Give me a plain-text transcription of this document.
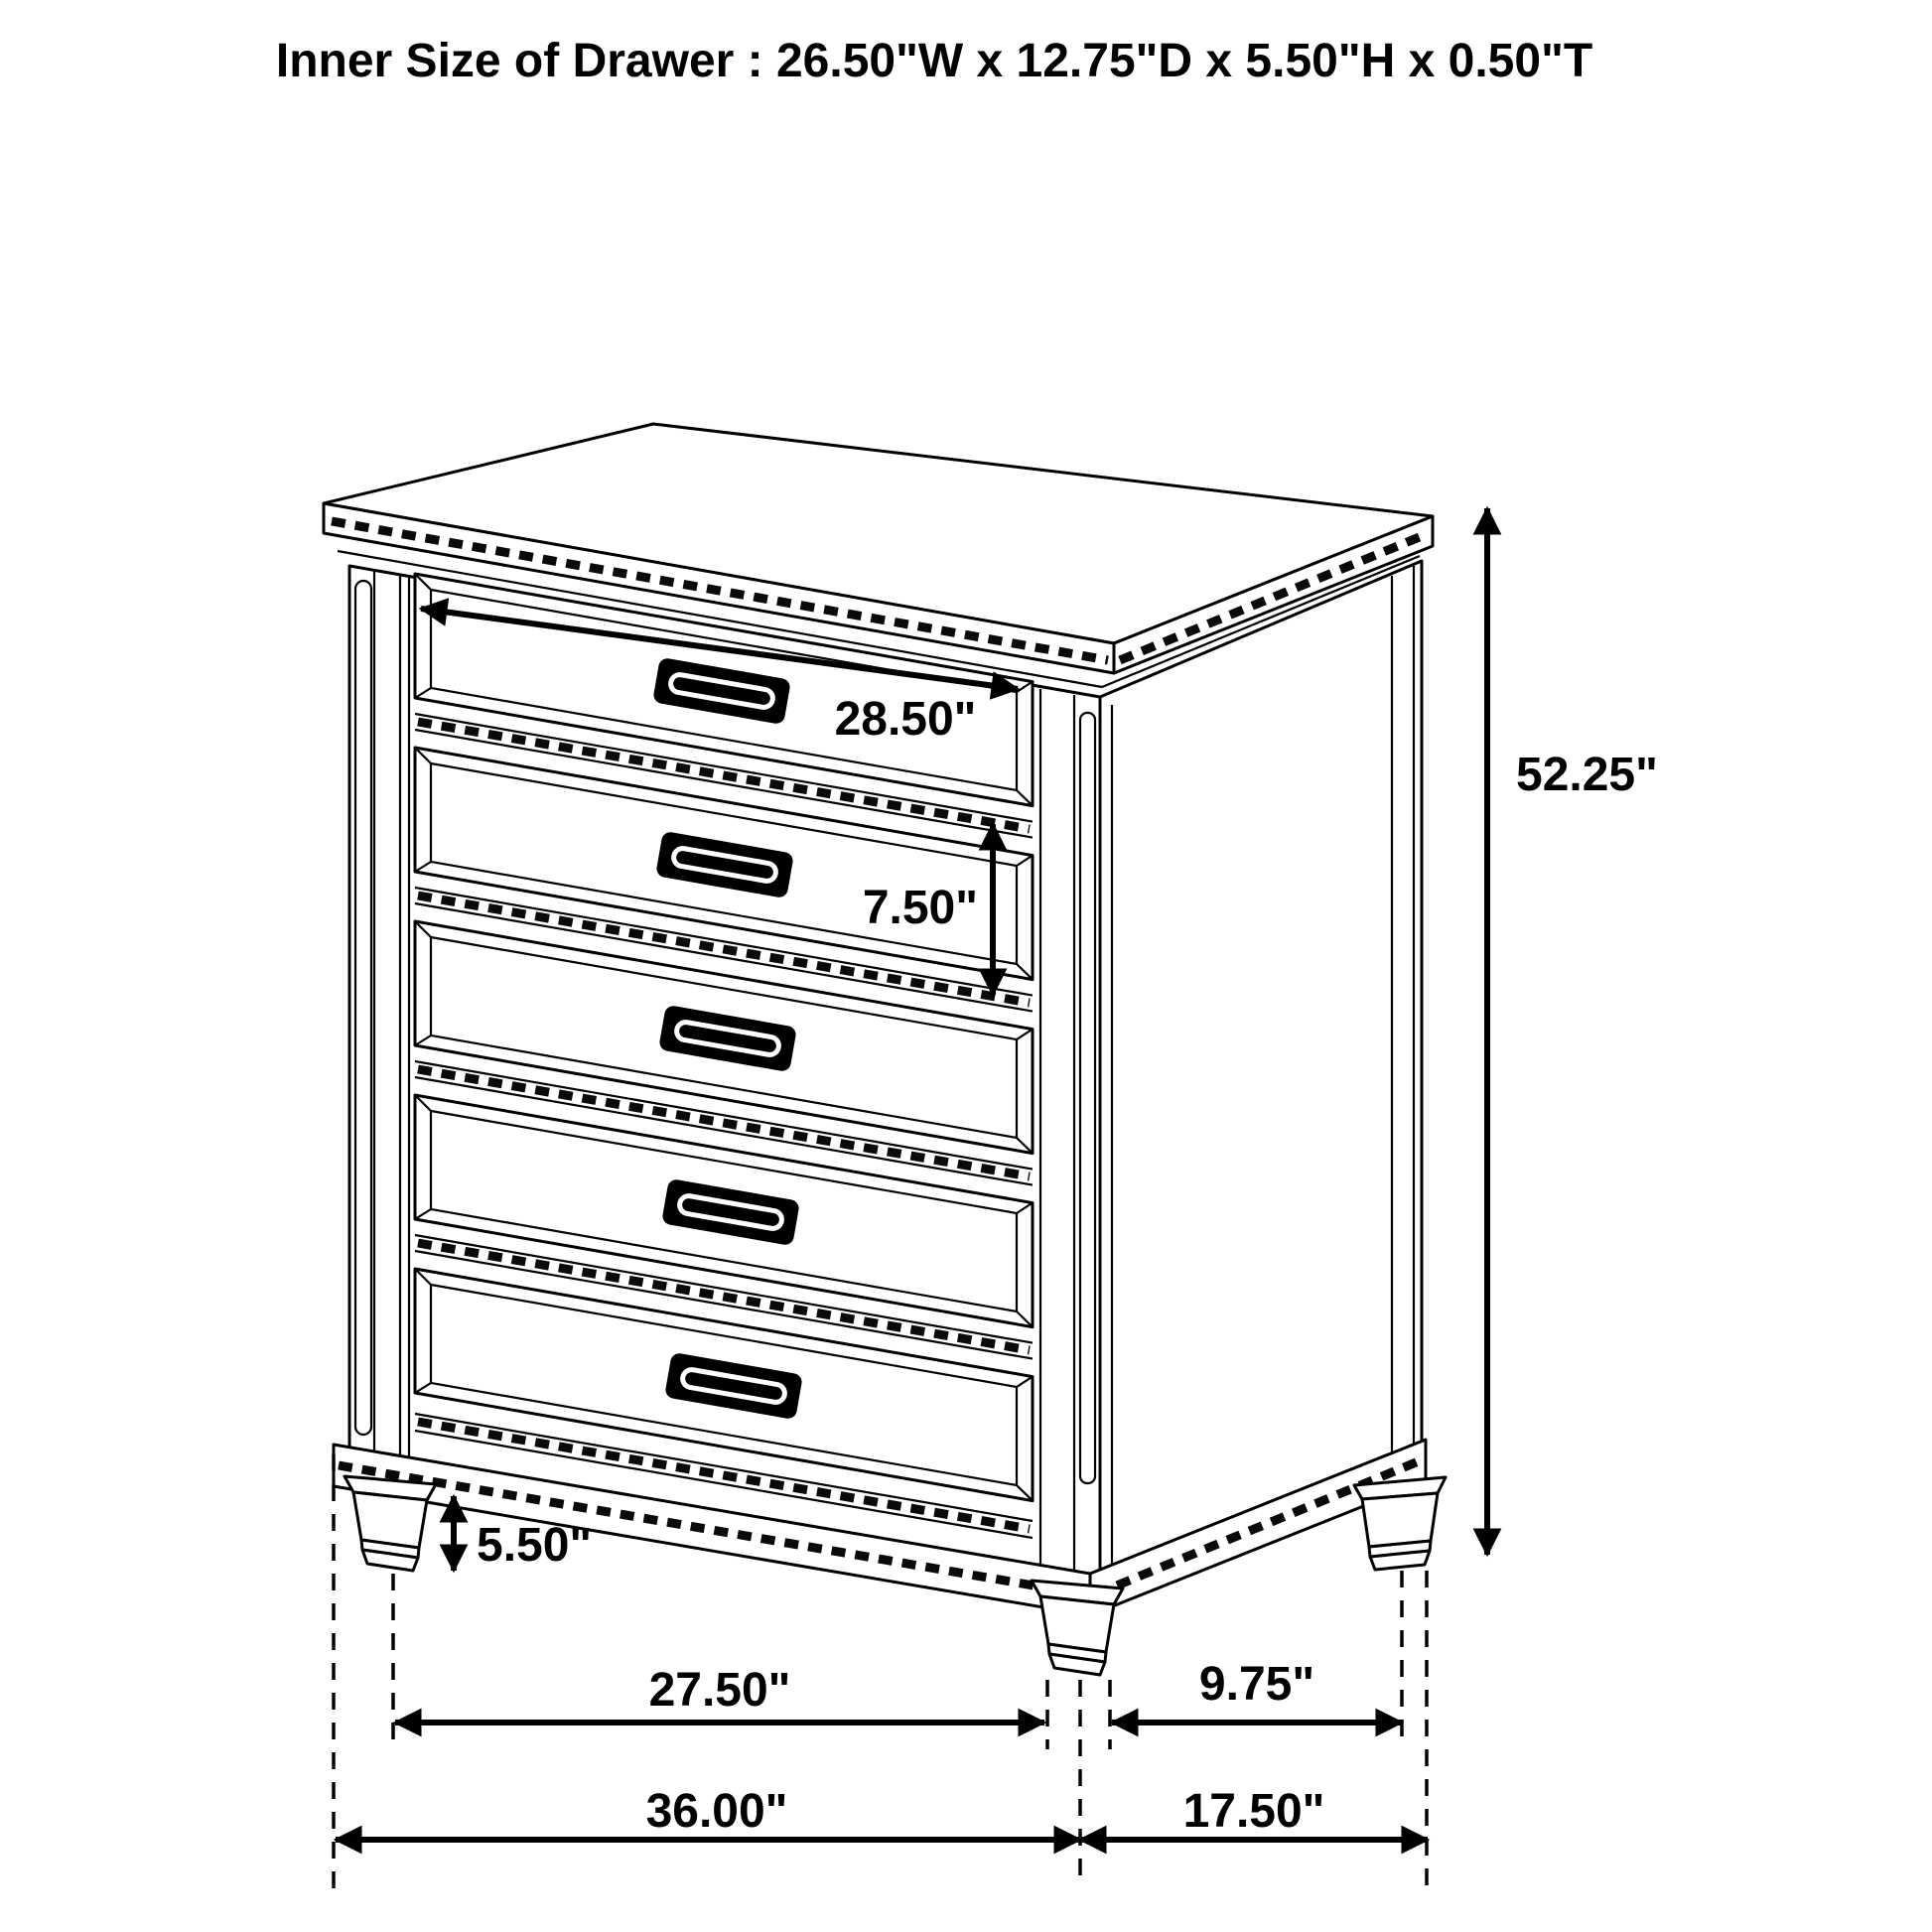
28.50"
7.50"
52.25"
5.50"
27.50"	9.75"
36.00"	17.50"
Inner Size of Drawer : 26.50"W x 12.75"D x 5.50"H x 0.50"T
